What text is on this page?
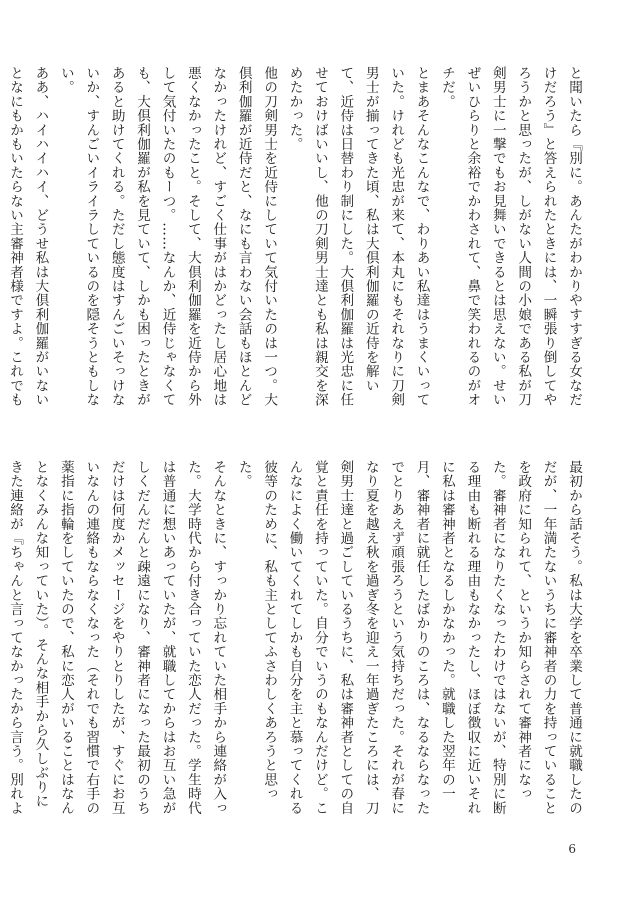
と聞いたら『別に。あんたがわかりやすすぎる女なだけだろう』と答えられたときには、一瞬張り倒してやろうかと思ったが、しがない人間の小娘である私が刀剣男士に一撃でもお見舞いできるとは思えない。せいぜいひらりと余裕でかわされて、鼻で笑われるのがオチだ。

とまあそんなこんなで、わりあい私達はうまくいっていた。けれども光忠が来て、本丸にもそれなりに刀剣男士が揃ってきた頃、私は大倶利伽羅の近侍を解いて、近侍は日替わり制にした。大倶利伽羅は光忠に任せておけばいいし、他の刀剣男士達とも私は親交を深めたかった。

他の刀剣男士を近侍にしていて気付いたのは一つ。大倶利伽羅が近侍だと、なにも言わない会話もほとんどなかったけれど、すごく仕事がはかどったし居心地は悪くなかったこと。そして、大倶利伽羅を近侍から外して気付いたのもーつ。……なんか、近侍じゃなくても、大倶利伽羅が私を見ていて、しかも困ったときがあると助けてくれる。ただし態度はすんごいそっけないか、すんごいイライラしているのを隠そうともしない。

ああ、ハイハイハイ、どうせ私は大倶利伽羅がいないとなにもかもいたらない主審神者様ですよ。これでも　

最初から話そう。私は大学を卒業して普通に就職したのだが、一年満たないうちに審神者の力を持っていることを政府に知られて、というか知らされて審神者になった。審神者になりたくなったわけではないが、特別に断る理由も断れる理由もなかったし、ほぼ徴収に近いそれに私は審神者となるしかなかった。就職した翌年の一月、審神者に就任したばかりのころは、なるならなったでとりあえず頑張ろうという気持ちだった。それが春になり夏を越え秋を過ぎ冬を迎え一年過ぎたころには、刀剣男士達と過ごしているうちに、私は審神者としての自覚と責任を持っていた。自分でいうのもなんだけど。こんなによく働いてくれてしかも自分を主と慕ってくれる彼等のために、私も主としてふさわしくあろうと思った。

そんなときに、すっかり忘れていた相手から連絡が入った。大学時代から付き合っていた恋人だった。学生時代は普通に想いあっていたが、就職してからはお互い急がしくだんだんと疎遠になり、審神者になった最初のうちだけは何度かメッセージをやりとりしたが、すぐにお互いなんの連絡もならなくなった（それでも習慣で右手の薬指に指輪をしていたので、私に恋人がいることはなんとなくみんな知っていた）。そんな相手から久しぶりにきた連絡が『ちゃんと言ってなかったから言う。別れよ

6
